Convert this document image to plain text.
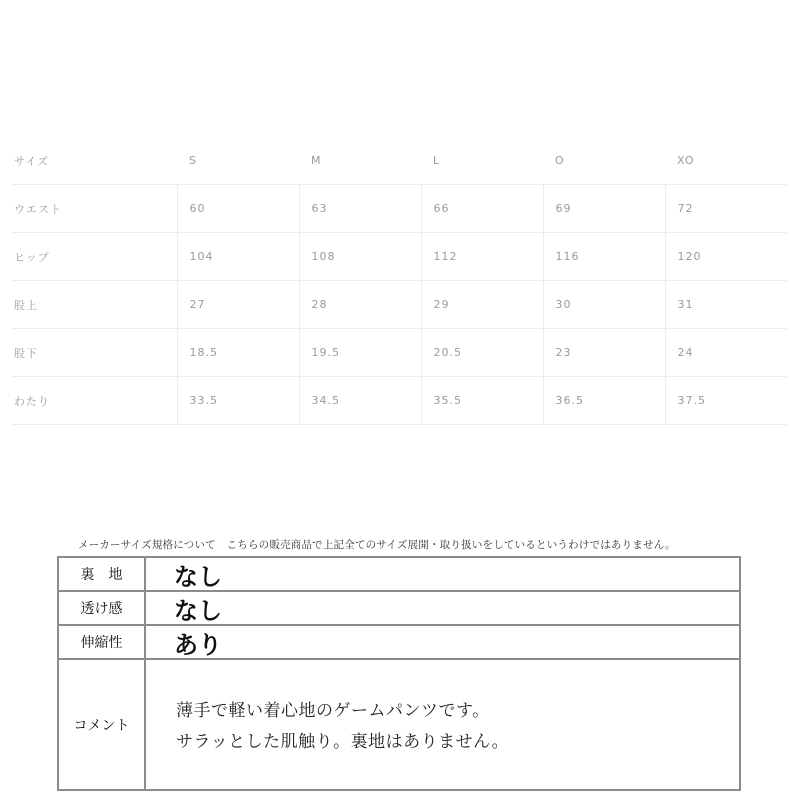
サイズ	S	M	L	O	XO
ウエスト	60	63	66	69	72
ヒップ	104	108	112	116	120
股上	27	28	29	30	31
股下	18.5	19.5	20.5	23	24
わたり	33.5	34.5	35.5	36.5	37.5
メーカーサイズ規格について　こちらの販売商品で上記全てのサイズ展開・取り扱いをしているというわけではありません。
裏　地	なし
透け感	なし
伸縮性	あり
コメント
薄手で軽い着心地のゲームパンツです。
サラッとした肌触り。裏地はありません。
